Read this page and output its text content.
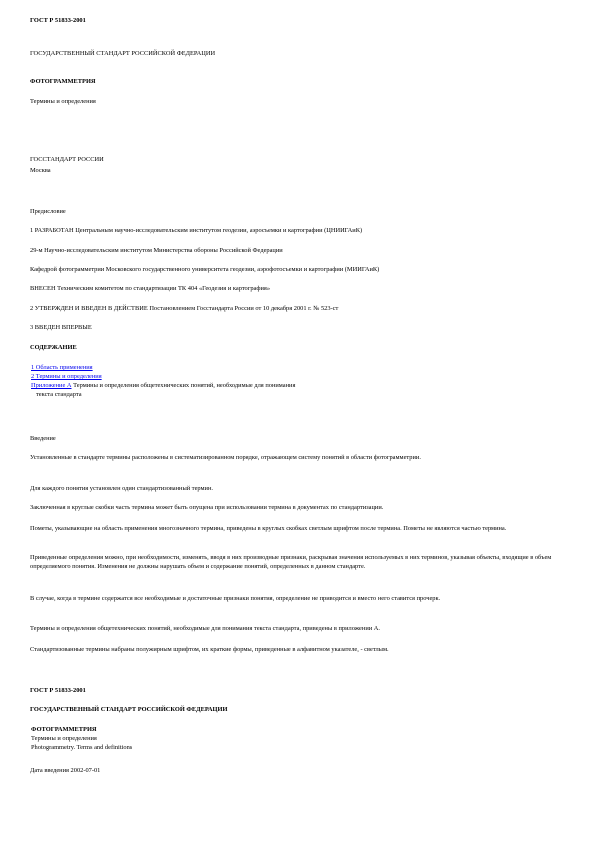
ГОСТ Р 51833-2001
ГОСУДАРСТВЕННЫЙ СТАНДАРТ РОССИЙСКОЙ ФЕДЕРАЦИИ
ФОТОГРАММЕТРИЯ
Термины и определения
ГОССТАНДАРТ РОССИИ
Москва
Предисловие
1 РАЗРАБОТАН Центральным научно-исследовательским институтом геодезии, аэросъемки и картографии (ЦНИИГАиК)
29-м Научно-исследовательским институтом Министерства обороны Российской Федерации
Кафедрой фотограмметрии Московского государственного университета геодезии, аэрофотосъемки и картографии (МИИГАиК)
ВНЕСЕН Техническим комитетом по стандартизации ТК 404 «Геодезия и картография»
2 УТВЕРЖДЕН И ВВЕДЕН В ДЕЙСТВИЕ Постановлением Госстандарта России от 10 декабря 2001 г. № 523-ст
3 ВВЕДЕН ВПЕРВЫЕ
СОДЕРЖАНИЕ
1 Область применения
2 Термины и определения
Приложение А Термины и определения общетехнических понятий, необходимые для понимания
текста стандарта
Введение
Установленные в стандарте термины расположены в систематизированном порядке, отражающем систему понятий в области фотограмметрии.
Для каждого понятия установлен один стандартизованный термин.
Заключенная в круглые скобки часть термина может быть опущена при использовании термина в документах по стандартизации.
Пометы, указывающие на область применения многозначного термина, приведены в круглых скобках светлым шрифтом после термина. Пометы не являются частью термина.
Приведенные определения можно, при необходимости, изменять, вводя в них производные признаки, раскрывая значения используемых в них терминов, указывая объекты, входящие в объем определяемого понятия. Изменения не должны нарушать объем и содержание понятий, определенных в данном стандарте.
В случае, когда в термине содержатся все необходимые и достаточные признаки понятия, определение не приводится и вместо него ставится прочерк.
Термины и определения общетехнических понятий, необходимые для понимания текста стандарта, приведены в приложении А.
Стандартизованные термины набраны полужирным шрифтом, их краткие формы, приведенные в алфавитном указателе, - светлым.
ГОСТ Р 51833-2001
ГОСУДАРСТВЕННЫЙ СТАНДАРТ РОССИЙСКОЙ ФЕДЕРАЦИИ
ФОТОГРАММЕТРИЯ
Термины и определения
Photogrammetry. Terms and definitions
Дата введения 2002-07-01
